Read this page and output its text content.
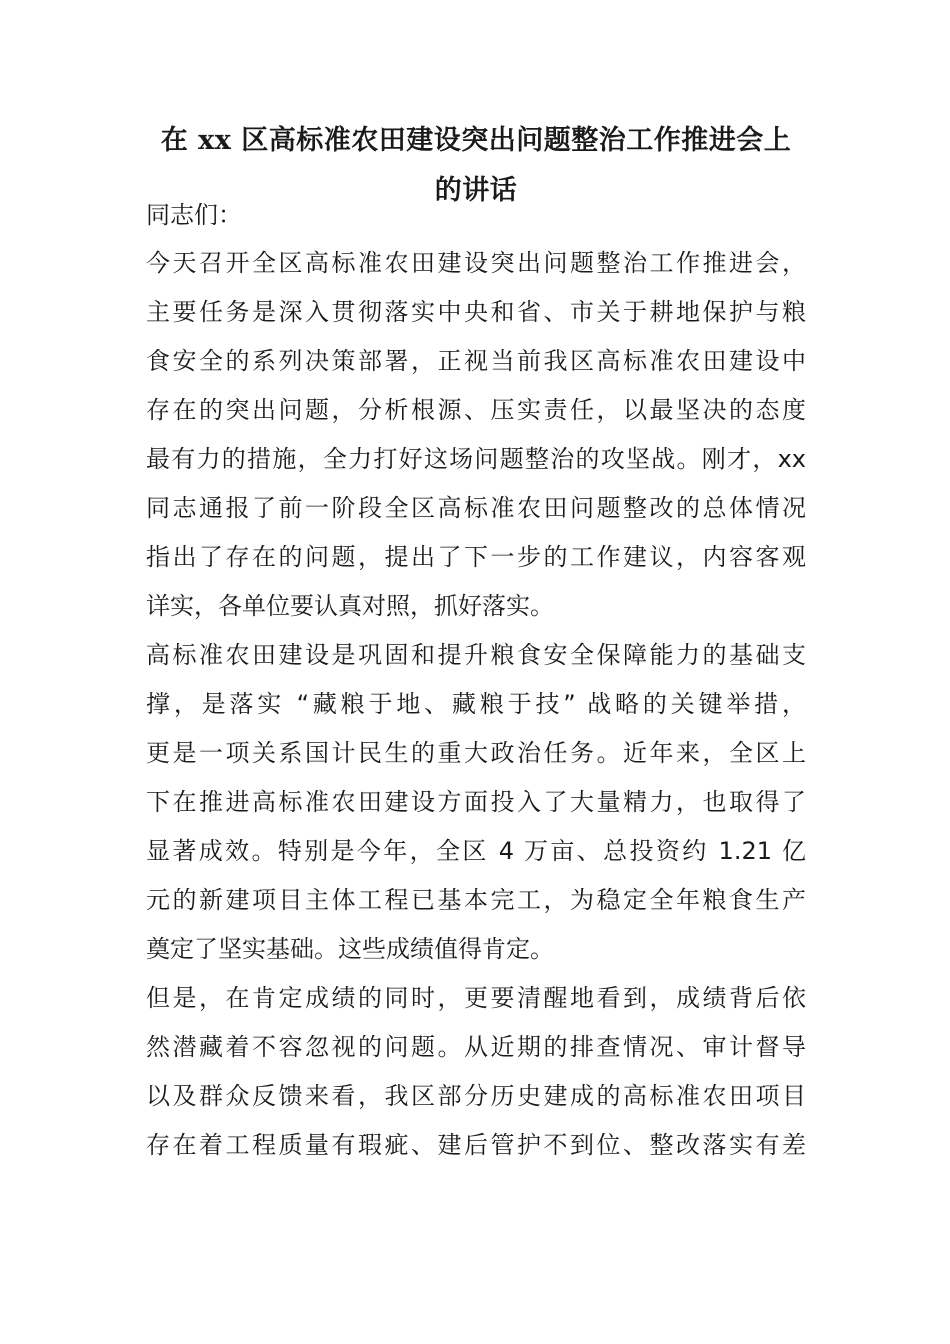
在 xx 区高标准农田建设突出问题整治工作推进会上
的讲话
同志们：
今天召开全区高标准农田建设突出问题整治工作推进会，
主要任务是深入贯彻落实中央和省、市关于耕地保护与粮
食安全的系列决策部署，正视当前我区高标准农田建设中
存在的突出问题，分析根源、压实责任，以最坚决的态度
最有力的措施，全力打好这场问题整治的攻坚战。刚才，xx
同志通报了前一阶段全区高标准农田问题整改的总体情况
指出了存在的问题，提出了下一步的工作建议，内容客观
详实，各单位要认真对照，抓好落实。
高标准农田建设是巩固和提升粮食安全保障能力的基础支
撑，是落实 “藏粮于地、藏粮于技” 战略的关键举措，
更是一项关系国计民生的重大政治任务。近年来，全区上
下在推进高标准农田建设方面投入了大量精力，也取得了
显著成效。特别是今年，全区 4 万亩、总投资约 1.21 亿
元的新建项目主体工程已基本完工，为稳定全年粮食生产
奠定了坚实基础。这些成绩值得肯定。
但是，在肯定成绩的同时，更要清醒地看到，成绩背后依
然潜藏着不容忽视的问题。从近期的排查情况、审计督导
以及群众反馈来看，我区部分历史建成的高标准农田项目
存在着工程质量有瑕疵、建后管护不到位、整改落实有差
